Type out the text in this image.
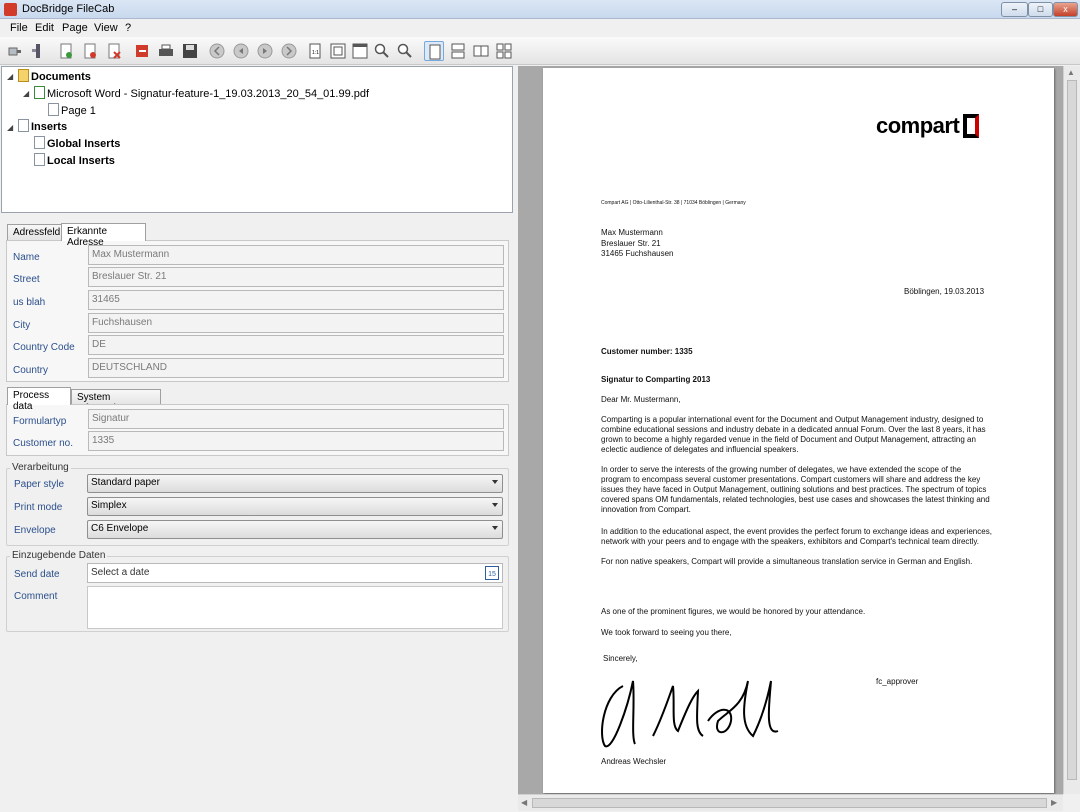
DocBridge FileCab	–	□	x
File Edit Page View ?
1:1
◢	Documents
◢	Microsoft Word - Signatur-feature-1_19.03.2013_20_54_01.99.pdf
Page 1
◢	Inserts
Global Inserts
Local Inserts
Adressfeld Erkannte Adresse
Name	Max Mustermann
Street	Breslauer Str. 21
us blah	31465
City	Fuchshausen
Country Code	DE
Country	DEUTSCHLAND
Process data
System
Formulartyp	Signatur
Customer no.	1335
Verarbeitung
Paper style	Standard paper
Print mode	Simplex
Envelope	C6 Envelope
Einzugebende Daten
Send date	Select a date	15
Comment
compart
Compart AG | Otto-Lilienthal-Str. 38 | 71034 Böblingen | Germany
Max Mustermann
Breslauer Str. 21
31465 Fuchshausen
Böblingen, 19.03.2013
Customer number: 1335
Signatur to Comparting 2013
Dear Mr. Mustermann,
Comparting is a popular international event for the Document and Output Management industry, designed to combine educational sessions and industry debate in a dedicated annual Forum. Over the last 8 years, it has grown to become a highly regarded venue in the field of Document and Output Management, attracting an eclectic audience of delegates and influencial speakers.
In order to serve the interests of the growing number of delegates, we have extended the scope of the program to encompass several customer presentations. Compart customers will share and address the key issues they have faced in Output Management, outlining solutions and best practices. The spectrum of topics covered spans OM fundamentals, related technologies, best use cases and showcases the latest thinking and innovation from Compart.
In addition to the educational aspect, the event provides the perfect forum to exchange ideas and experiences, network with your peers and to engage with the speakers, exhibitors and Compart's technical team directly.
For non native speakers, Compart will provide a simultaneous translation service in German and English.
As one of the prominent figures, we would be honored by your attendance.
We took forward to seeing you there,
Sincerely,
fc_approver
Andreas Wechsler
▲
◀	▶
